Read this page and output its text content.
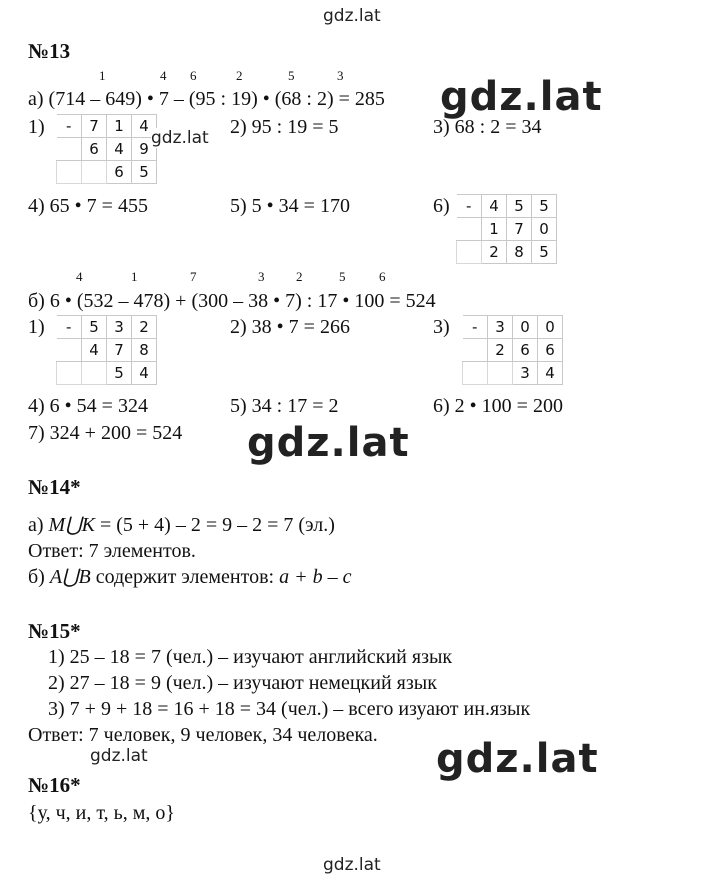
gdz.lat
№13
1	4 6	2	5	3
а) (714 – 649) • 7 – (95 : 19) • (68 : 2) = 285 gdz.lat
1) -	7	1	4
	6	4	9
		6	5
gdz.lat 2) 95 : 19 = 5	3) 68 : 2 = 34
4) 65 • 7 = 455	5) 5 • 34 = 170	6) -	4	5	5
	1	7	0
	2	8	5
4	1	7	3 2	5	6
б) 6 • (532 – 478) + (300 – 38 • 7) : 17 • 100 = 524
1) -	5	3	2
	4	7	8
		5	4
2) 38 • 7 = 266	3) -	3	0	0
	2	6	6
		3	4
4) 6 • 54 = 324	5) 34 : 17 = 2	6) 2 • 100 = 200
7) 324 + 200 = 524 gdz.lat
№14*
а) M⋃K = (5 + 4) – 2 = 9 – 2 = 7 (эл.)
Ответ: 7 элементов.
б) A⋃B содержит элементов: a + b – c
№15*
1) 25 – 18 = 7 (чел.) – изучают английский язык
2) 27 – 18 = 9 (чел.) – изучают немецкий язык
3) 7 + 9 + 18 = 16 + 18 = 34 (чел.) – всего изуают ин.язык
Ответ: 7 человек, 9 человек, 34 человека.
gdz.lat	gdz.lat
№16*
{у, ч, и, т, ь, м, о}
gdz.lat
